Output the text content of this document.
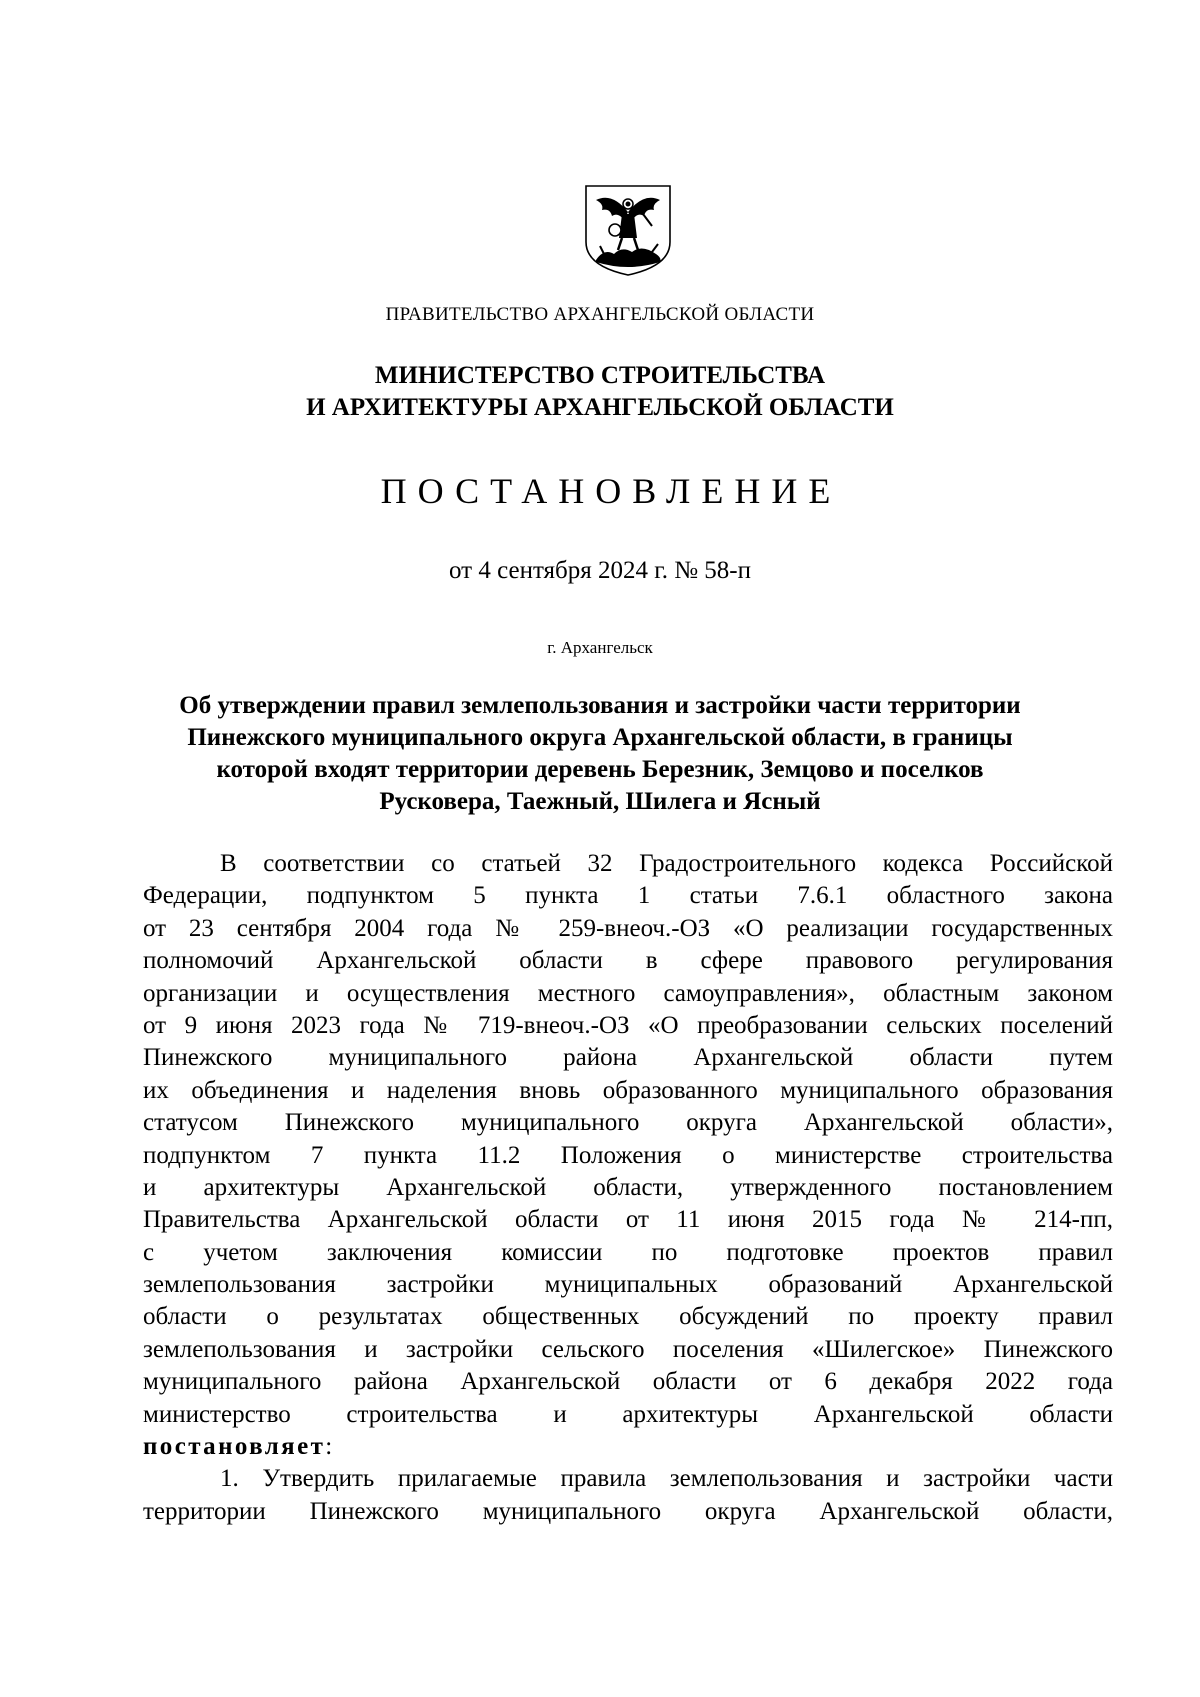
ПРАВИТЕЛЬСТВО АРХАНГЕЛЬСКОЙ ОБЛАСТИ
МИНИСТЕРСТВО СТРОИТЕЛЬСТВА
И АРХИТЕКТУРЫ АРХАНГЕЛЬСКОЙ ОБЛАСТИ
ПОСТАНОВЛЕНИЕ
от 4 сентября 2024 г. № 58-п
г. Архангельск
Об утверждении правил землепользования и застройки части территории
Пинежского муниципального округа Архангельской области, в границы
которой входят территории деревень Березник, Земцово и поселков
Русковера, Таежный, Шилега и Ясный
В соответствии со статьей 32 Градостроительного кодекса Российской
Федерации, подпунктом 5 пункта 1 статьи 7.6.1 областного закона
от 23 сентября 2004 года № 259-внеоч.-ОЗ «О реализации государственных
полномочий Архангельской области в сфере правового регулирования
организации и осуществления местного самоуправления», областным законом
от 9 июня 2023 года № 719-внеоч.-ОЗ «О преобразовании сельских поселений
Пинежского муниципального района Архангельской области путем
их объединения и наделения вновь образованного муниципального образования
статусом Пинежского муниципального округа Архангельской области»,
подпунктом 7 пункта 11.2 Положения о министерстве строительства
и архитектуры Архангельской области, утвержденного постановлением
Правительства Архангельской области от 11 июня 2015 года № 214-пп,
с учетом заключения комиссии по подготовке проектов правил
землепользования застройки муниципальных образований Архангельской
области о результатах общественных обсуждений по проекту правил
землепользования и застройки сельского поселения «Шилегское» Пинежского
муниципального района Архангельской области от 6 декабря 2022 года
министерство строительства и архитектуры Архангельской области
постановляет:
1. Утвердить прилагаемые правила землепользования и застройки части
территории Пинежского муниципального округа Архангельской области,
